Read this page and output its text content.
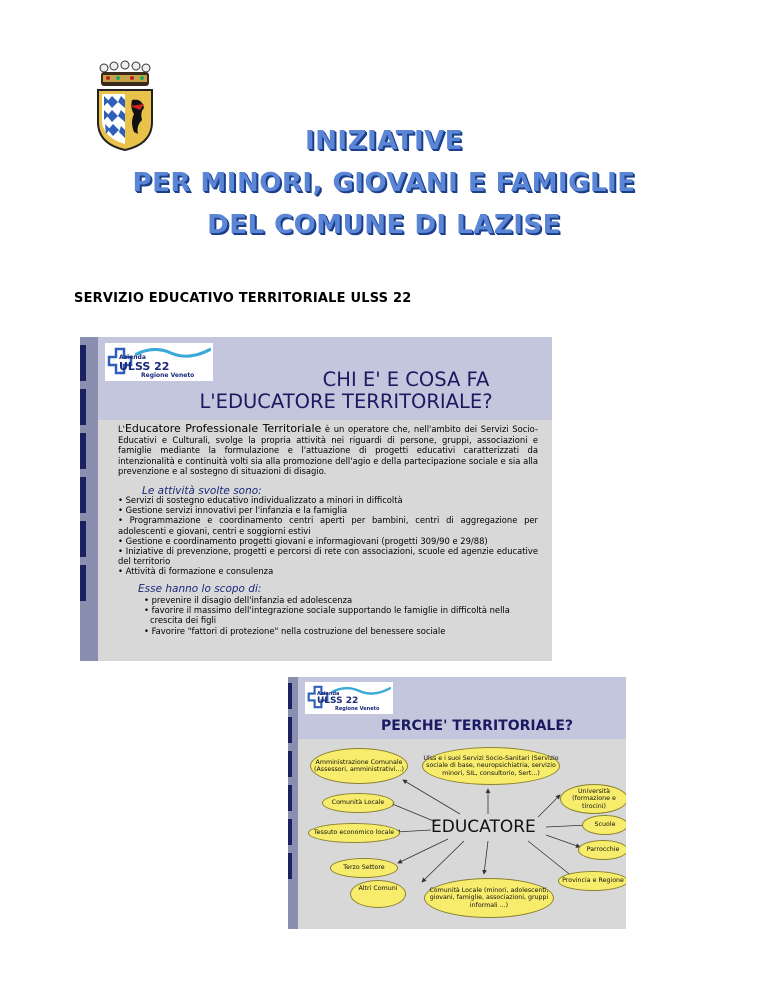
INIZIATIVE
PER MINORI, GIOVANI E FAMIGLIE
DEL COMUNE DI LAZISE
SERVIZIO EDUCATIVO TERRITORIALE ULSS 22
Azienda
ULSS 22
Regione Veneto	CHI E' E COSA FA
L'EDUCATORE TERRITORIALE?
L'Educatore Professionale Territoriale è un operatore che, nell'ambito dei Servizi Socio-Educativi e Culturali, svolge la propria attività nei riguardi di persone, gruppi, associazioni e famiglie mediante la formulazione e l'attuazione di progetti educativi caratterizzati da intenzionalità e continuità volti sia alla promozione dell'agio e della partecipazione sociale e sia alla prevenzione e al sostegno di situazioni di disagio.
Le attività svolte sono:
• Servizi di sostegno educativo individualizzato a minori in difficoltà
• Gestione servizi innovativi per l'infanzia e la famiglia
• Programmazione e coordinamento centri aperti per bambini, centri di aggregazione per adolescenti e giovani, centri e soggiorni estivi
• Gestione e coordinamento progetti giovani e informagiovani (progetti 309/90 e 29/88)
• Iniziative di prevenzione, progetti e percorsi di rete con associazioni, scuole ed agenzie educative del territorio
• Attività di formazione e consulenza
Esse hanno lo scopo di:
• prevenire il disagio dell'infanzia ed adolescenza
• favorire il massimo dell'integrazione sociale supportando le famiglie in difficoltà nella crescita dei figli
• Favorire "fattori di protezione" nella costruzione del benessere sociale
Azienda
ULSS 22
Regione Veneto
PERCHE' TERRITORIALE?
Amministrazione Comunale (Assessori, amministrativi...)
Ulss e i suoi Servizi Socio-Sanitari (Servizio sociale di base, neuropsichiatria, servizio minori, SIL, consultorio, Sert...)
Università (formazione e tirocini)
Comunità Locale
Scuole
EDUCATORE
Tessuto economico locale
Parrocchie
Terzo Settore
Provincia e Regione
Altri Comuni	Comunità Locale (minori, adolescenti, giovani, famiglie, associazioni, gruppi informali ...)
